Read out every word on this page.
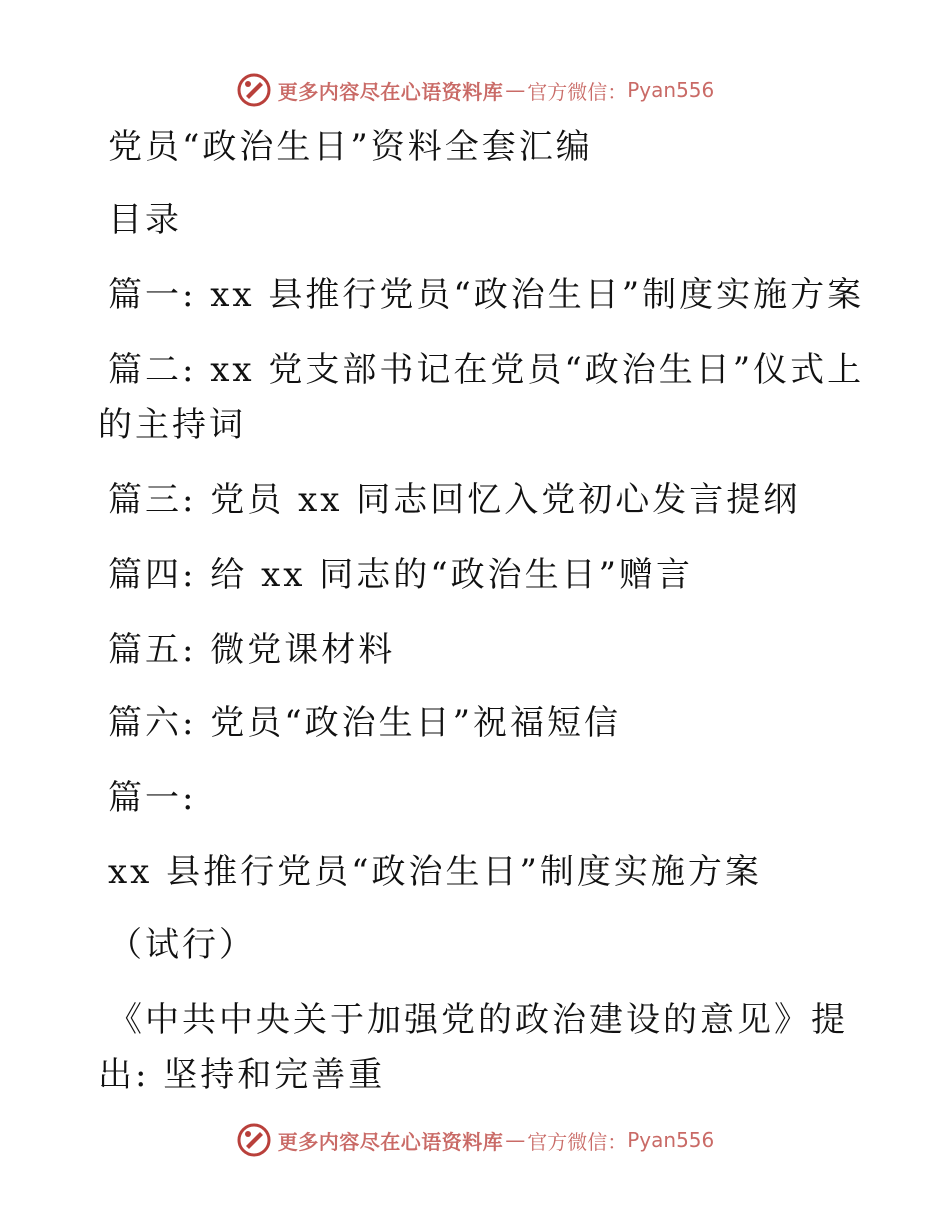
更多内容尽在心语资料库 — 官方微信： Pyan556
党员“政治生日”资料全套汇编
目录
篇一: xx 县推行党员“政治生日”制度实施方案
篇二: xx 党支部书记在党员“政治生日”仪式上
的主持词
篇三: 党员 xx 同志回忆入党初心发言提纲
篇四: 给 xx 同志的“政治生日”赠言
篇五: 微党课材料
篇六: 党员“政治生日”祝福短信
篇一:
xx 县推行党员“政治生日”制度实施方案
（试行）
《中共中央关于加强党的政治建设的意见》提
出: 坚持和完善重
更多内容尽在心语资料库 — 官方微信： Pyan556
